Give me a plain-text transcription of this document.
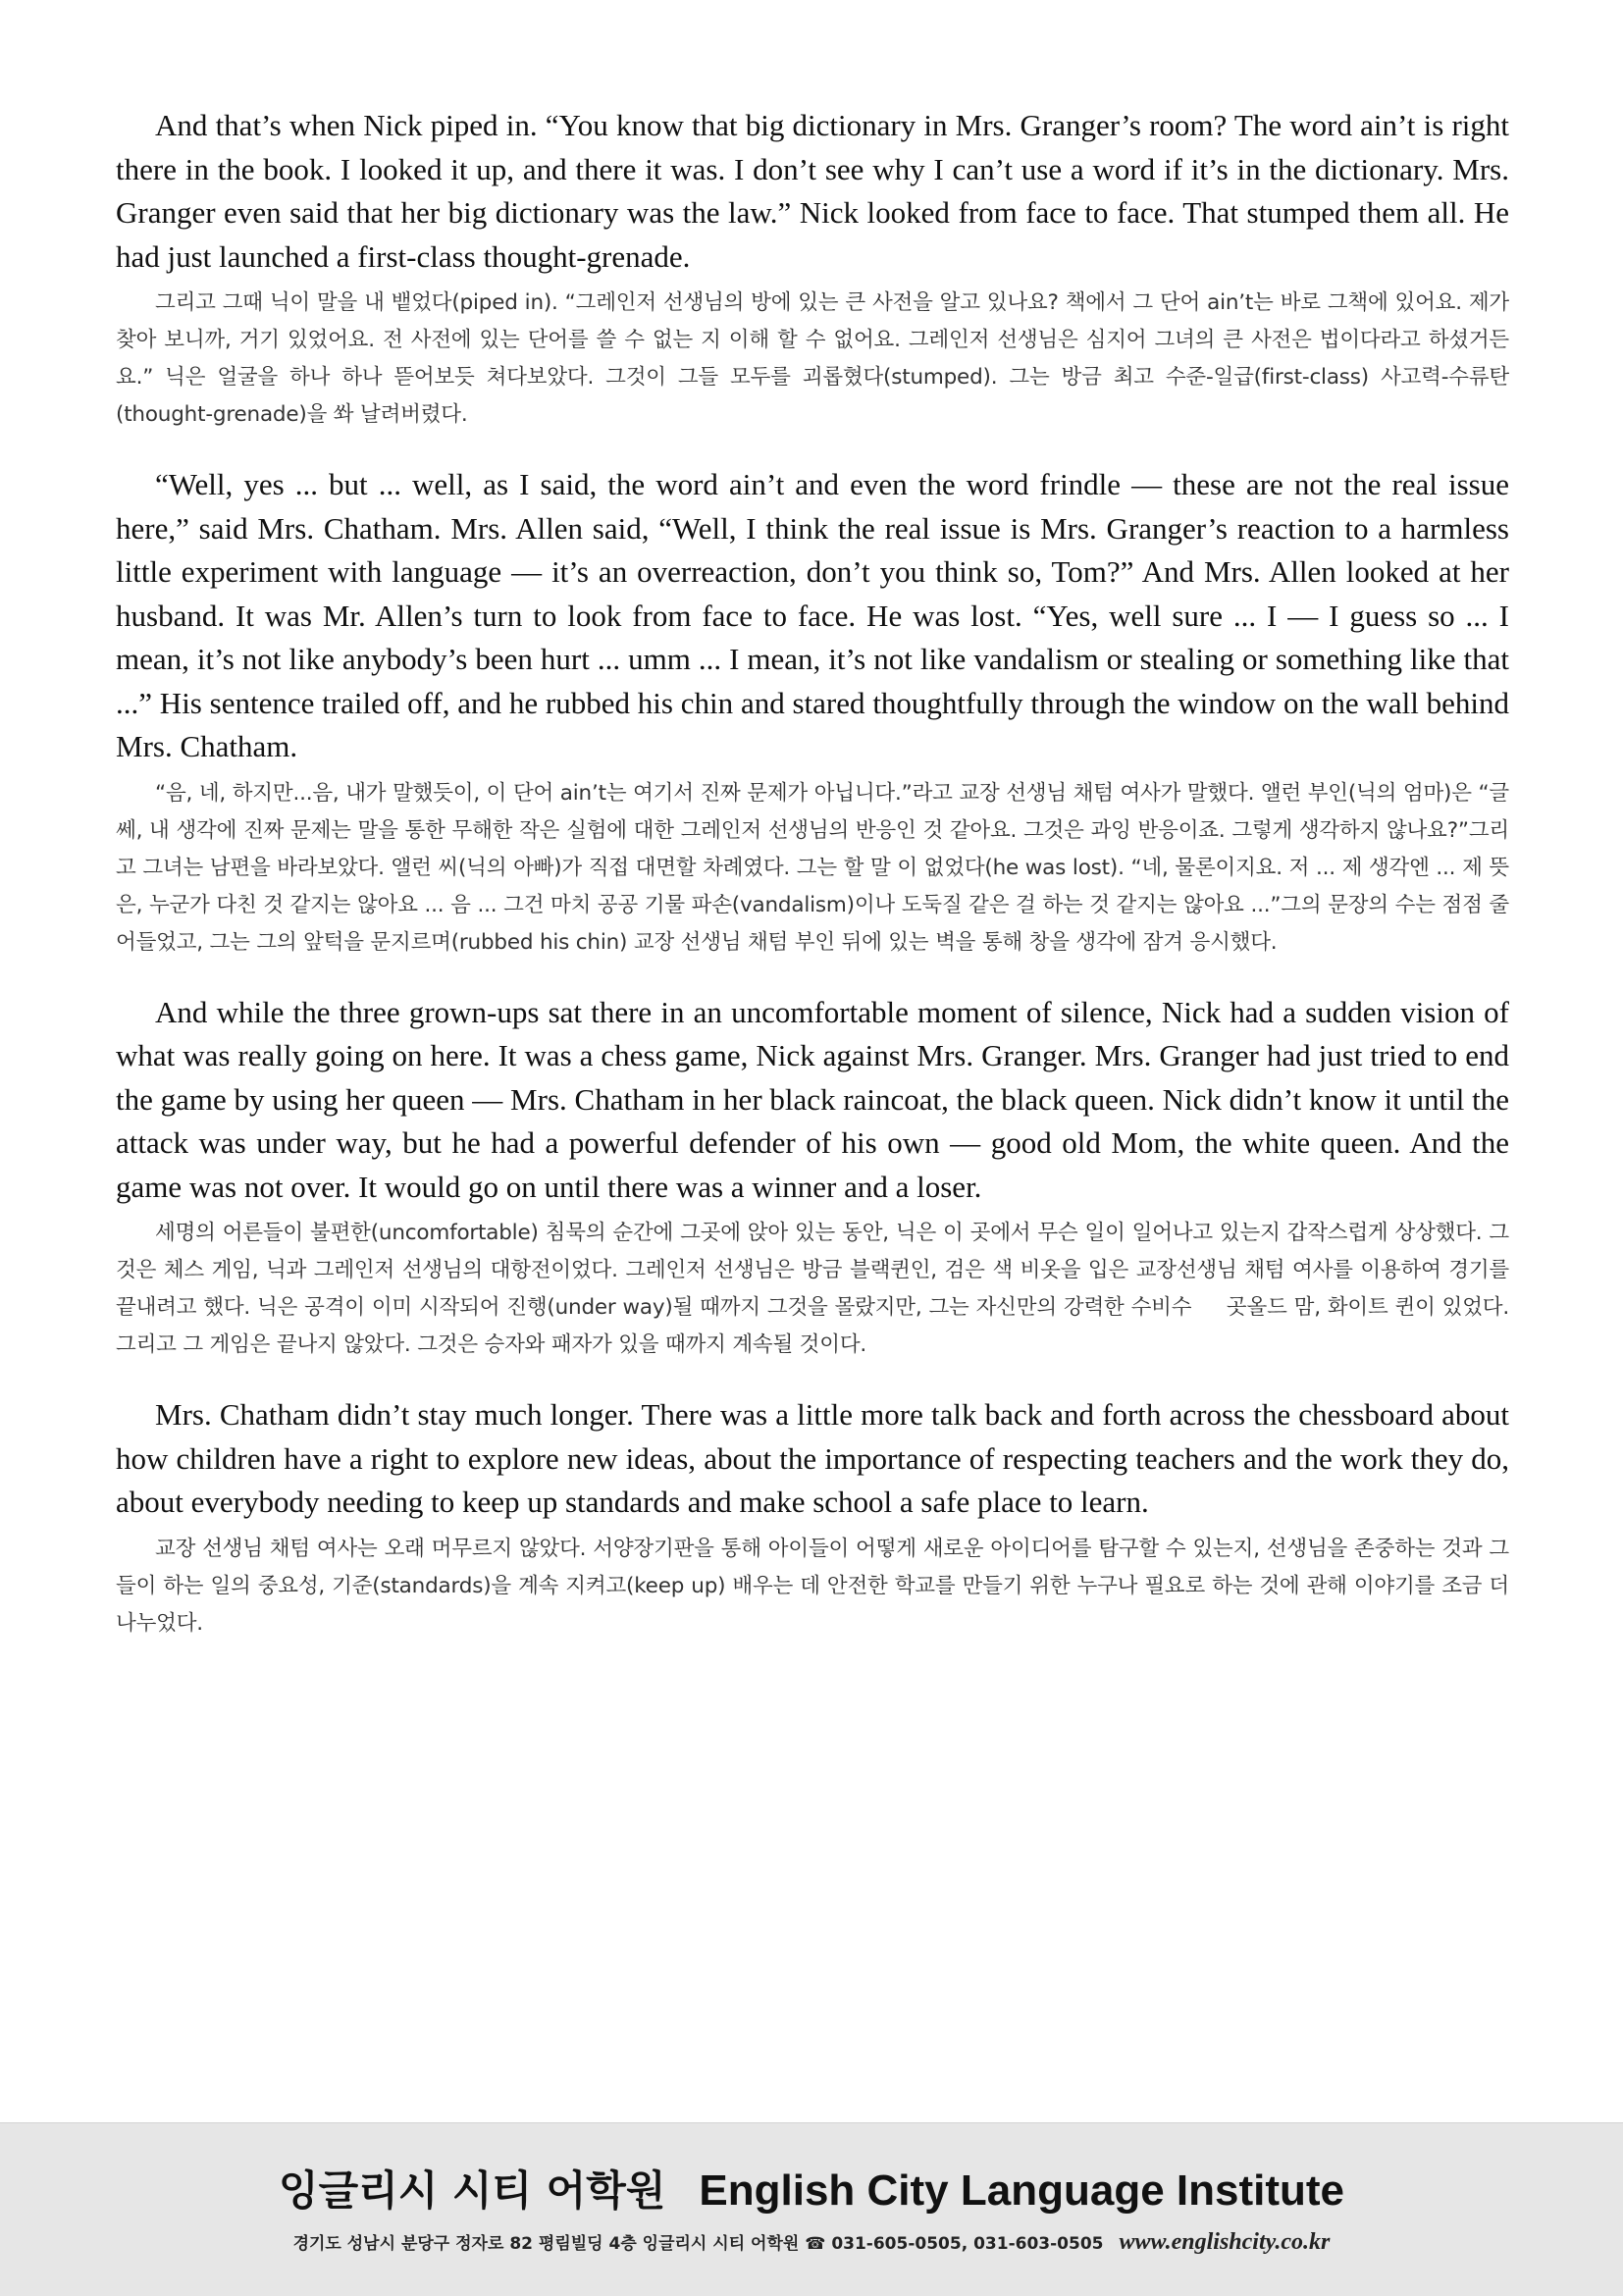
And that’s when Nick piped in. “You know that big dictionary in Mrs. Granger’s room? The word ain’t is right there in the book. I looked it up, and there it was. I don’t see why I can’t use a word if it’s in the dictionary. Mrs. Granger even said that her big dictionary was the law.” Nick looked from face to face. That stumped them all. He had just launched a first-class thought-grenade.

그리고 그때 닉이 말을 내 뱉었다(piped in). “그레인저 선생님의 방에 있는 큰 사전을 알고 있나요? 책에서 그 단어 ain’t는 바로 그책에 있어요. 제가 찾아 보니까, 거기 있었어요. 전 사전에 있는 단어를 쓸 수 없는 지 이해 할 수 없어요. 그레인저 선생님은 심지어 그녀의 큰 사전은 법이다라고 하셨거든요.” 닉은 얼굴을 하나 하나 뜯어보듯 쳐다보았다. 그것이 그들 모두를 괴롭혔다(stumped). 그는 방금 최고 수준-일급(first-class) 사고력-수류탄(thought-grenade)을 쏴 날려버렸다.

“Well, yes ... but ... well, as I said, the word ain’t and even the word frindle — these are not the real issue here,” said Mrs. Chatham. Mrs. Allen said, “Well, I think the real issue is Mrs. Granger’s reaction to a harmless little experiment with language — it’s an overreaction, don’t you think so, Tom?” And Mrs. Allen looked at her husband. It was Mr. Allen’s turn to look from face to face. He was lost. “Yes, well sure ... I — I guess so ... I mean, it’s not like anybody’s been hurt ... umm ... I mean, it’s not like vandalism or stealing or something like that ...” His sentence trailed off, and he rubbed his chin and stared thoughtfully through the window on the wall behind Mrs. Chatham.

“음, 네, 하지만...음, 내가 말했듯이, 이 단어 ain’t는 여기서 진짜 문제가 아닙니다.”라고 교장 선생님 채텀 여사가 말했다. 앨런 부인(닉의 엄마)은 “글쎄, 내 생각에 진짜 문제는 말을 통한 무해한 작은 실험에 대한 그레인저 선생님의 반응인 것 같아요. 그것은 과잉 반응이죠. 그렇게 생각하지 않나요?”그리고 그녀는 남편을 바라보았다. 앨런 씨(닉의 아빠)가 직접 대면할 차례였다. 그는 할 말 이 없었다(he was lost). “네, 물론이지요. 저 ... 제 생각엔 ... 제 뜻은, 누군가 다친 것 같지는 않아요 ... 음 ... 그건 마치 공공 기물 파손(vandalism)이나 도둑질 같은 걸 하는 것 같지는 않아요 ...”그의 문장의 수는 점점 줄어들었고, 그는 그의 앞턱을 문지르며(rubbed his chin) 교장 선생님 채텀 부인 뒤에 있는 벽을 통해 창을 생각에 잠겨 응시했다.

And while the three grown-ups sat there in an uncomfortable moment of silence, Nick had a sudden vision of what was really going on here. It was a chess game, Nick against Mrs. Granger. Mrs. Granger had just tried to end the game by using her queen — Mrs. Chatham in her black raincoat, the black queen. Nick didn’t know it until the attack was under way, but he had a powerful defender of his own — good old Mom, the white queen. And the game was not over. It would go on until there was a winner and a loser.

세명의 어른들이 불편한(uncomfortable) 침묵의 순간에 그곳에 앉아 있는 동안, 닉은 이 곳에서 무슨 일이 일어나고 있는지 갑작스럽게 상상했다. 그것은 체스 게임, 닉과 그레인저 선생님의 대항전이었다. 그레인저 선생님은 방금 블랙퀸인, 검은 색 비옷을 입은 교장선생님 채텀 여사를 이용하여 경기를 끝내려고 했다. 닉은 공격이 이미 시작되어 진행(under way)될 때까지 그것을 몰랐지만, 그는 자신만의 강력한 수비수 　 곳올드 맘, 화이트 퀸이 있었다. 그리고 그 게임은 끝나지 않았다. 그것은 승자와 패자가 있을 때까지 계속될 것이다.

Mrs. Chatham didn’t stay much longer. There was a little more talk back and forth across the chessboard about how children have a right to explore new ideas, about the importance of respecting teachers and the work they do, about everybody needing to keep up standards and make school a safe place to learn.

교장 선생님 채텀 여사는 오래 머무르지 않았다. 서양장기판을 통해 아이들이 어떻게 새로운 아이디어를 탐구할 수 있는지, 선생님을 존중하는 것과 그들이 하는 일의 중요성, 기준(standards)을 계속 지켜고(keep up) 배우는 데 안전한 학교를 만들기 위한 누구나 필요로 하는 것에 관해 이야기를 조금 더 나누었다.

잉글리시 시티 어학원 English City Language Institute
경기도 성남시 분당구 정자로 82 평림빌딩 4층 잉글리시 시티 어학원 ☎ 031-605-0505, 031-603-0505 www.englishcity.co.kr
